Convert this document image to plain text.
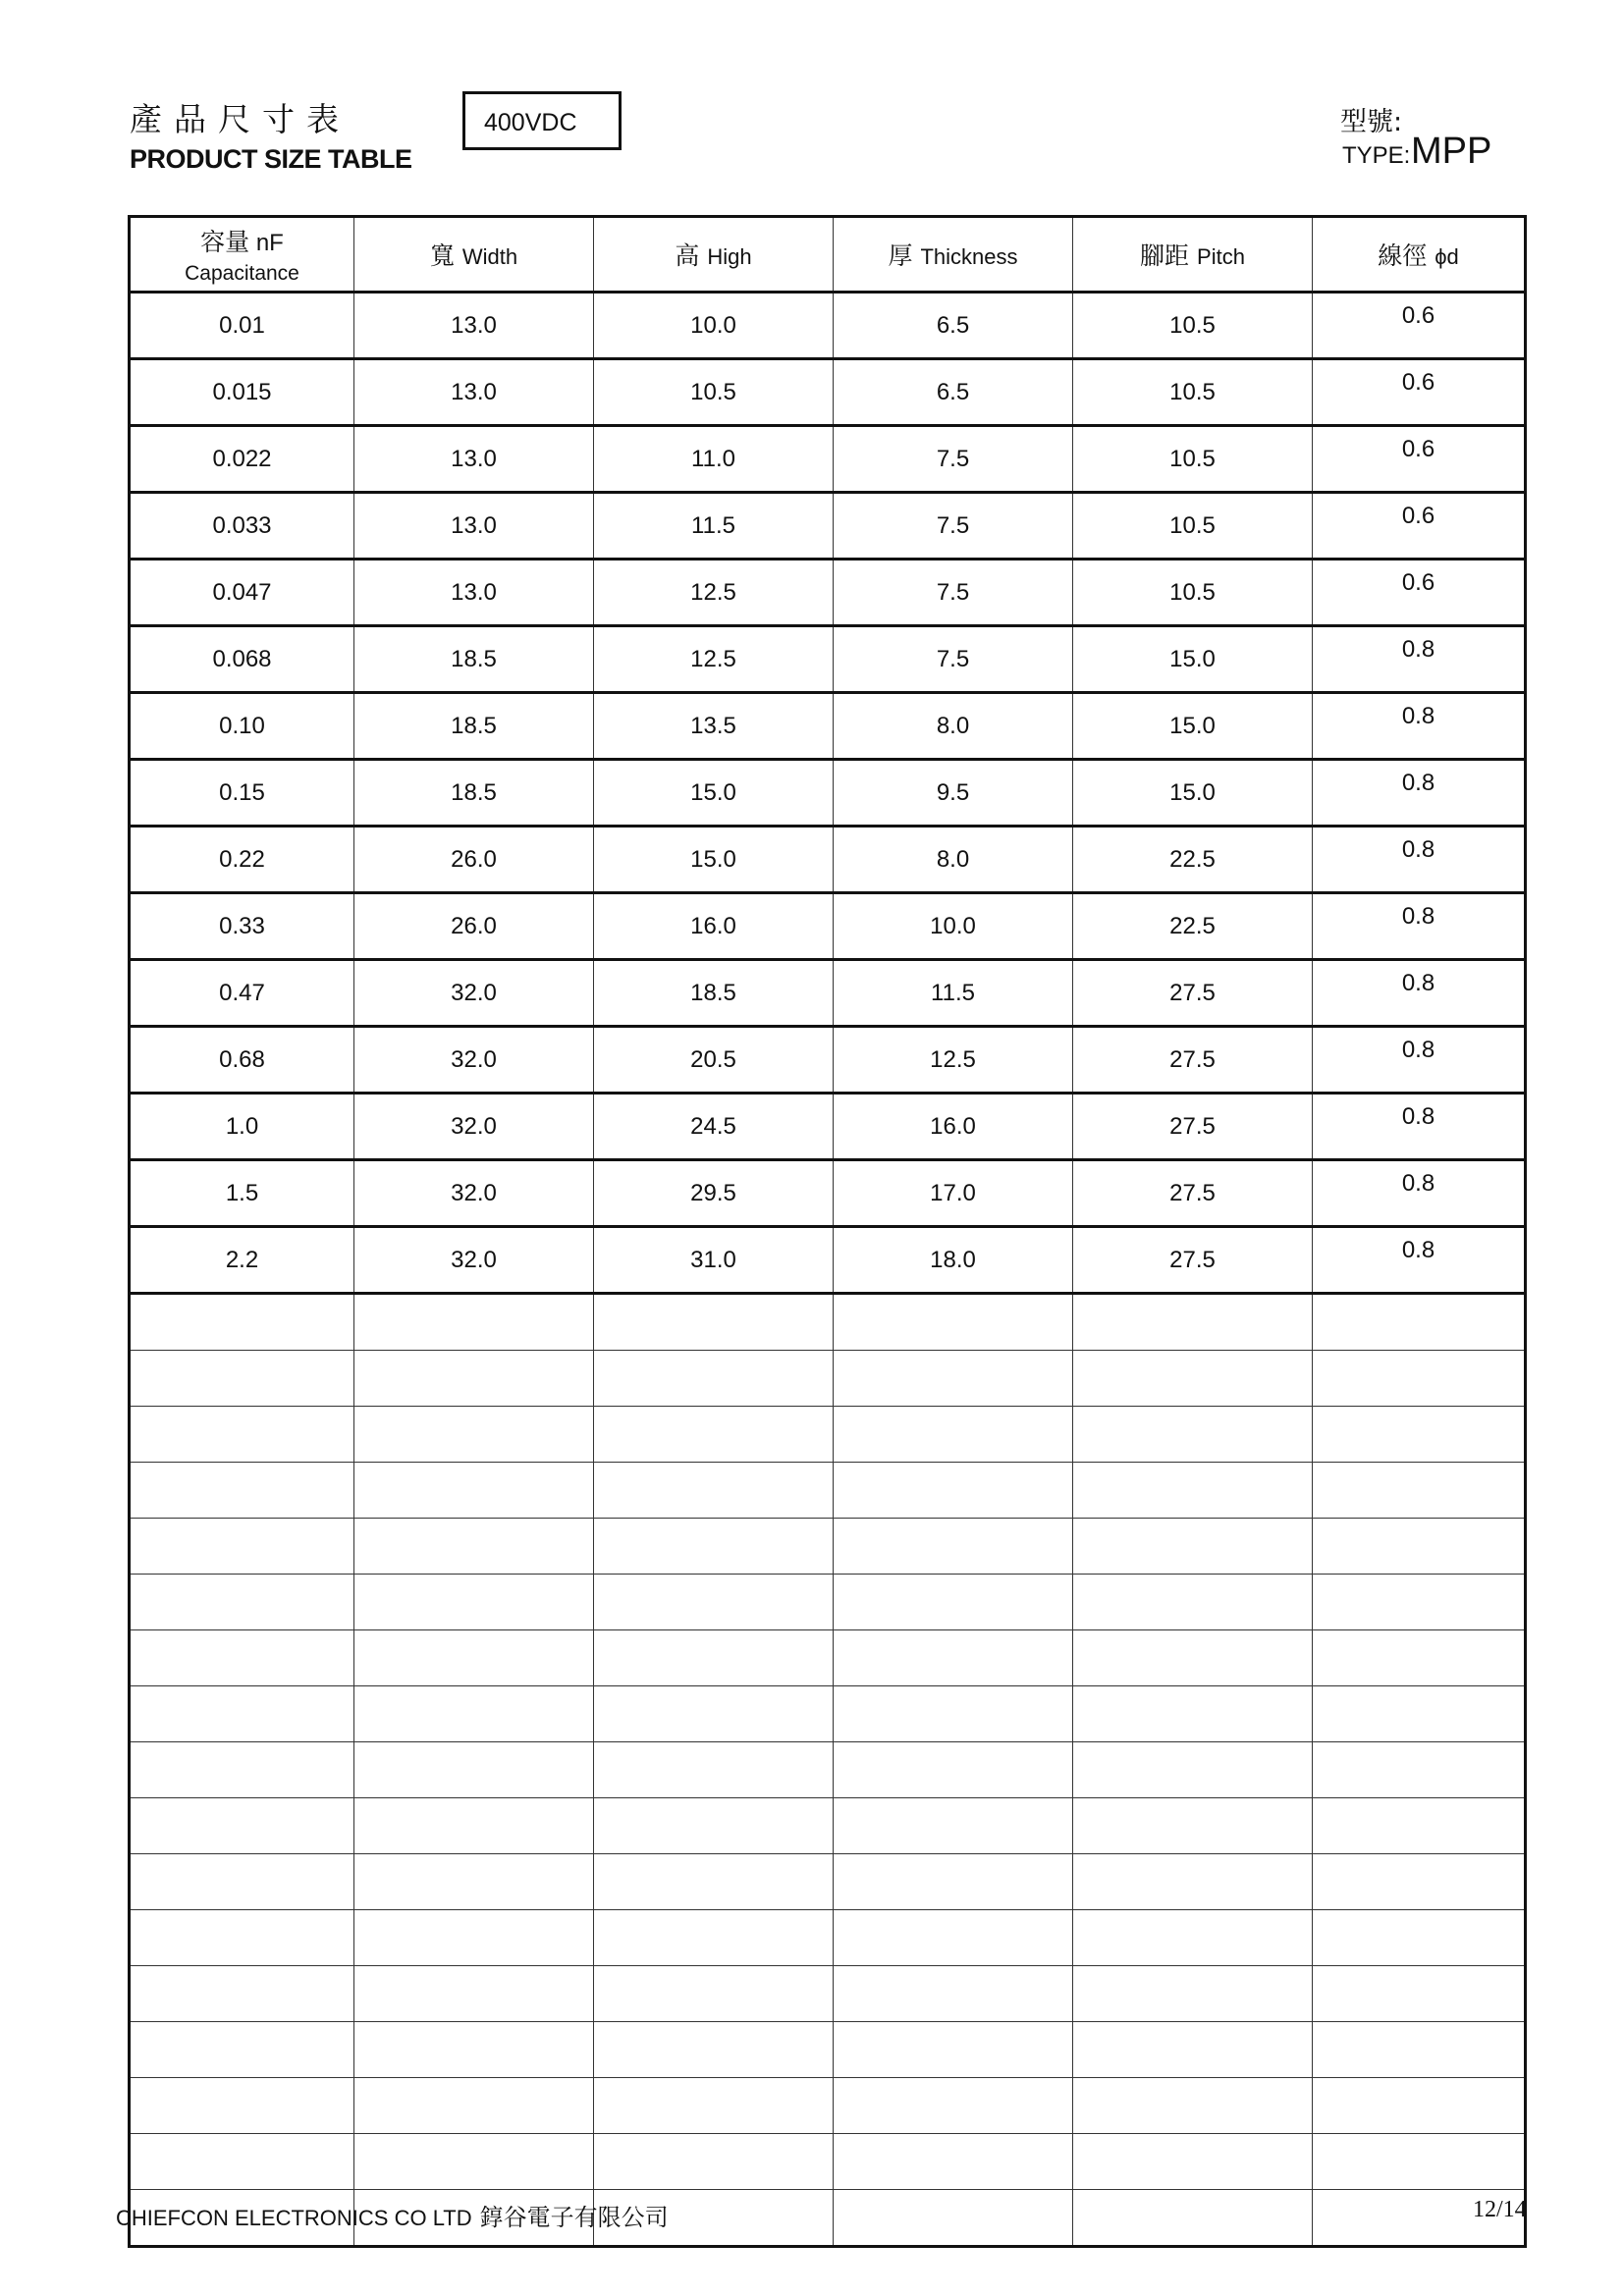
產品尺寸表
PRODUCT SIZE TABLE
400VDC	型號:
TYPE: MPP
容量 nF
Capacitance	寬 Width	高 High	厚 Thickness	腳距 Pitch	線徑 ϕd
0.01	13.0	10.0	6.5	10.5	0.6
0.015	13.0	10.5	6.5	10.5	0.6
0.022	13.0	11.0	7.5	10.5	0.6
0.033	13.0	11.5	7.5	10.5	0.6
0.047	13.0	12.5	7.5	10.5	0.6
0.068	18.5	12.5	7.5	15.0	0.8
0.10	18.5	13.5	8.0	15.0	0.8
0.15	18.5	15.0	9.5	15.0	0.8
0.22	26.0	15.0	8.0	22.5	0.8
0.33	26.0	16.0	10.0	22.5	0.8
0.47	32.0	18.5	11.5	27.5	0.8
0.68	32.0	20.5	12.5	27.5	0.8
1.0	32.0	24.5	16.0	27.5	0.8
1.5	32.0	29.5	17.0	27.5	0.8
2.2	32.0	31.0	18.0	27.5	0.8

CHIEFCON ELECTRONICS CO LTD 錞谷電子有限公司	12/14
